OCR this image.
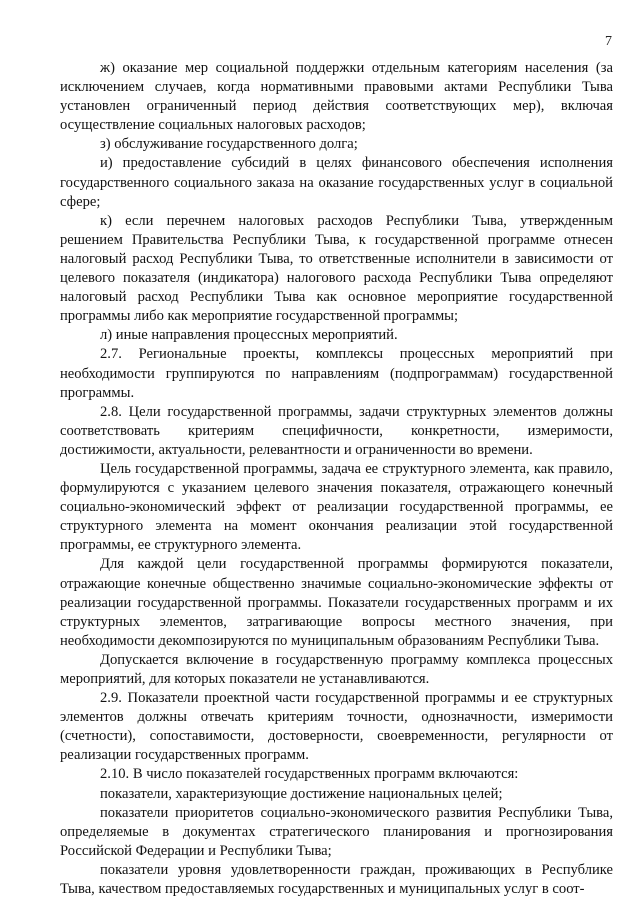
7

ж) оказание мер социальной поддержки отдельным категориям населения (за исключением случаев, когда нормативными правовыми актами Республики Тыва установлен ограниченный период действия соответствующих мер), включая осуществление социальных налоговых расходов;

з) обслуживание государственного долга;

и) предоставление субсидий в целях финансового обеспечения исполнения государственного социального заказа на оказание государственных услуг в социальной сфере;

к) если перечнем налоговых расходов Республики Тыва, утвержденным решением Правительства Республики Тыва, к государственной программе отнесен налоговый расход Республики Тыва, то ответственные исполнители в зависимости от целевого показателя (индикатора) налогового расхода Республики Тыва определяют налоговый расход Республики Тыва как основное мероприятие государственной программы либо как мероприятие государственной программы;

л) иные направления процессных мероприятий.

2.7. Региональные проекты, комплексы процессных мероприятий при необходимости группируются по направлениям (подпрограммам) государственной программы.

2.8. Цели государственной программы, задачи структурных элементов должны соответствовать критериям специфичности, конкретности, измеримости, достижимости, актуальности, релевантности и ограниченности во времени.

Цель государственной программы, задача ее структурного элемента, как правило, формулируются с указанием целевого значения показателя, отражающего конечный социально-экономический эффект от реализации государственной программы, ее структурного элемента на момент окончания реализации этой государственной программы, ее структурного элемента.

Для каждой цели государственной программы формируются показатели, отражающие конечные общественно значимые социально-экономические эффекты от реализации государственной программы. Показатели государственных программ и их структурных элементов, затрагивающие вопросы местного значения, при необходимости декомпозируются по муниципальным образованиям Республики Тыва.

Допускается включение в государственную программу комплекса процессных мероприятий, для которых показатели не устанавливаются.

2.9. Показатели проектной части государственной программы и ее структурных элементов должны отвечать критериям точности, однозначности, измеримости (счетности), сопоставимости, достоверности, своевременности, регулярности от реализации государственных программ.

2.10. В число показателей государственных программ включаются:

показатели, характеризующие достижение национальных целей;

показатели приоритетов социально-экономического развития Республики Тыва, определяемые в документах стратегического планирования и прогнозирования Российской Федерации и Республики Тыва;

показатели уровня удовлетворенности граждан, проживающих в Республике Тыва, качеством предоставляемых государственных и муниципальных услуг в соот-
